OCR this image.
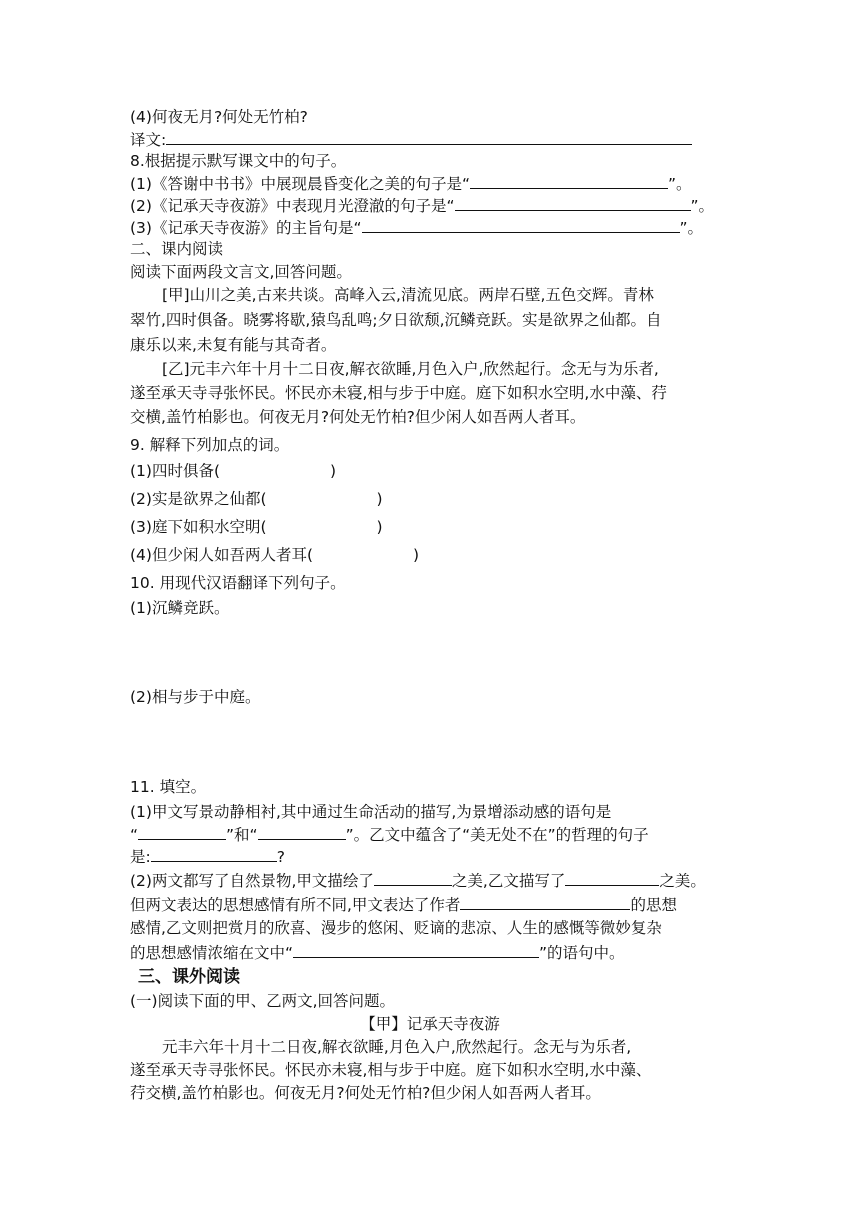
(4)何夜无月?何处无竹柏?
译文:
8.根据提示默写课文中的句子。
(1)《答谢中书书》中展现晨昏变化之美的句子是“	”。
(2)《记承天寺夜游》中表现月光澄澈的句子是“	”。
(3)《记承天寺夜游》的主旨句是“	”。
二、课内阅读
阅读下面两段文言文,回答问题。
[甲]山川之美,古来共谈。高峰入云,清流见底。两岸石壁,五色交辉。青林
翠竹,四时俱备。晓雾将歇,猿鸟乱鸣;夕日欲颓,沉鳞竞跃。实是欲界之仙都。自
康乐以来,未复有能与其奇者。
[乙]元丰六年十月十二日夜,解衣欲睡,月色入户,欣然起行。念无与为乐者,
遂至承天寺寻张怀民。怀民亦未寝,相与步于中庭。庭下如积水空明,水中藻、荇
交横,盖竹柏影也。何夜无月?何处无竹柏?但少闲人如吾两人者耳。
9. 解释下列加点的词。
(1)四时俱备(	)
(2)实是欲界之仙都(	)
(3)庭下如积水空明(	)
(4)但少闲人如吾两人者耳(	)
10. 用现代汉语翻译下列句子。
(1)沉鳞竞跃。
(2)相与步于中庭。
11. 填空。
(1)甲文写景动静相衬,其中通过生命活动的描写,为景增添动感的语句是
“	”和“	”。乙文中蕴含了“美无处不在”的哲理的句子
是:	?
(2)两文都写了自然景物,甲文描绘了	之美,乙文描写了	之美。
但两文表达的思想感情有所不同,甲文表达了作者	的思想
感情,乙文则把赏月的欣喜、漫步的悠闲、贬谪的悲凉、人生的感慨等微妙复杂
的思想感情浓缩在文中“	”的语句中。
三、课外阅读
(一)阅读下面的甲、乙两文,回答问题。
【甲】记承天寺夜游
元丰六年十月十二日夜,解衣欲睡,月色入户,欣然起行。念无与为乐者,
遂至承天寺寻张怀民。怀民亦未寝,相与步于中庭。庭下如积水空明,水中藻、
荇交横,盖竹柏影也。何夜无月?何处无竹柏?但少闲人如吾两人者耳。
